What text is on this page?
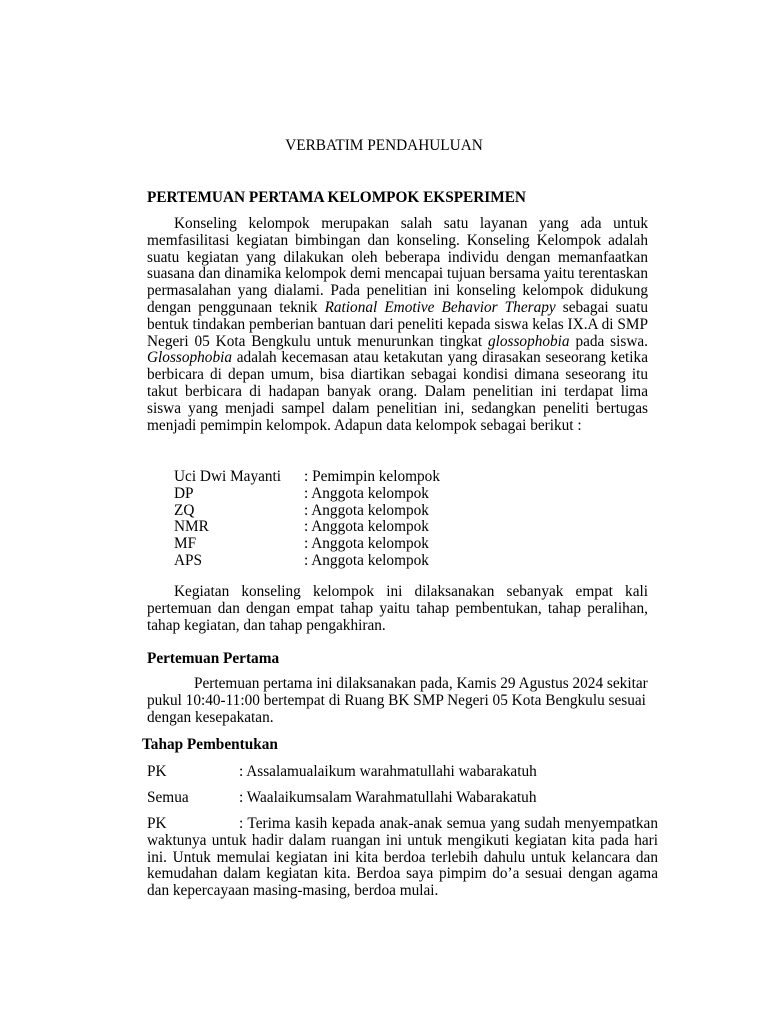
VERBATIM PENDAHULUAN
PERTEMUAN PERTAMA KELOMPOK EKSPERIMEN
Konseling kelompok merupakan salah satu layanan yang ada untuk memfasilitasi kegiatan bimbingan dan konseling. Konseling Kelompok adalah suatu kegiatan yang dilakukan oleh beberapa individu dengan memanfaatkan suasana dan dinamika kelompok demi mencapai tujuan bersama yaitu terentaskan permasalahan yang dialami. Pada penelitian ini konseling kelompok didukung dengan penggunaan teknik Rational Emotive Behavior Therapy sebagai suatu bentuk tindakan pemberian bantuan dari peneliti kepada siswa kelas IX.A di SMP Negeri 05 Kota Bengkulu untuk menurunkan tingkat glossophobia pada siswa. Glossophobia adalah kecemasan atau ketakutan yang dirasakan seseorang ketika berbicara di depan umum, bisa diartikan sebagai kondisi dimana seseorang itu takut berbicara di hadapan banyak orang. Dalam penelitian ini terdapat lima siswa yang menjadi sampel dalam penelitian ini, sedangkan peneliti bertugas menjadi pemimpin kelompok. Adapun data kelompok sebagai berikut :
Uci Dwi Mayanti	: Pemimpin kelompok
DP	: Anggota kelompok
ZQ	: Anggota kelompok
NMR	: Anggota kelompok
MF	: Anggota kelompok
APS	: Anggota kelompok
Kegiatan konseling kelompok ini dilaksanakan sebanyak empat kali pertemuan dan dengan empat tahap yaitu tahap pembentukan, tahap peralihan, tahap kegiatan, dan tahap pengakhiran.
Pertemuan Pertama
Pertemuan pertama ini dilaksanakan pada, Kamis 29 Agustus 2024 sekitar pukul 10:40-11:00 bertempat di Ruang BK SMP Negeri 05 Kota Bengkulu sesuai dengan kesepakatan.
Tahap Pembentukan
PK	: Assalamualaikum warahmatullahi wabarakatuh
Semua	: Waalaikumsalam Warahmatullahi Wabarakatuh
PK	: Terima kasih kepada anak-anak semua yang sudah menyempatkan waktunya untuk hadir dalam ruangan ini untuk mengikuti kegiatan kita pada hari ini. Untuk memulai kegiatan ini kita berdoa terlebih dahulu untuk kelancara dan kemudahan dalam kegiatan kita. Berdoa saya pimpim do’a sesuai dengan agama dan kepercayaan masing-masing, berdoa mulai.
